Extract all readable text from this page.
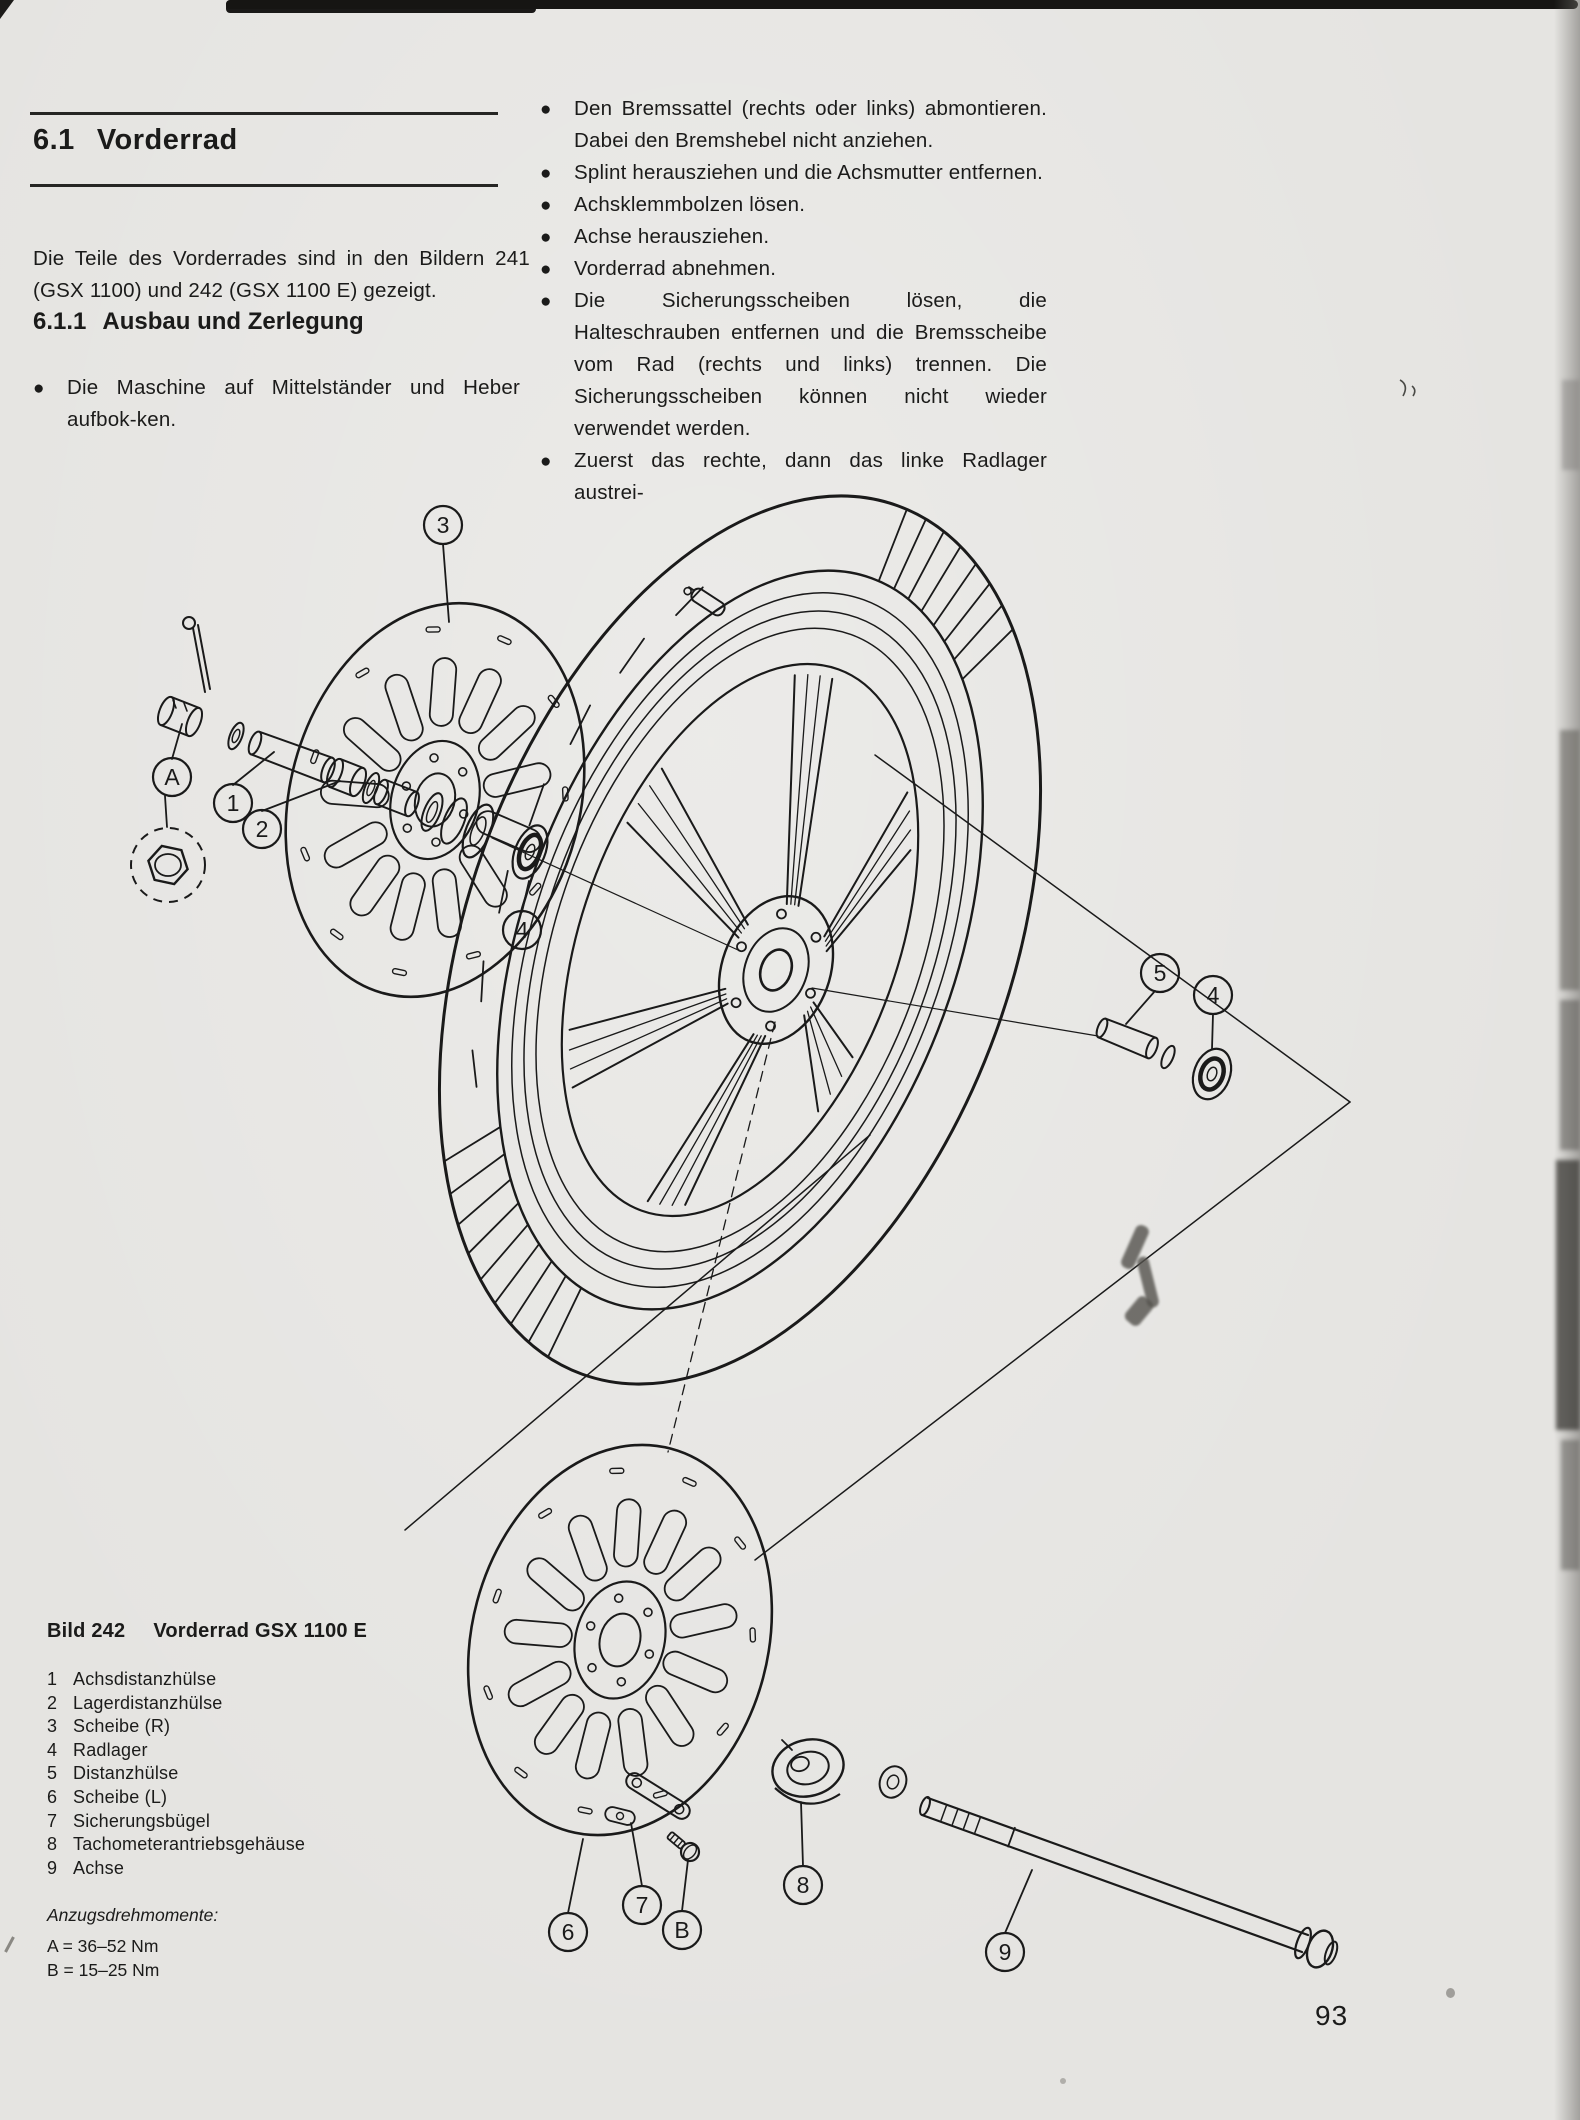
6.1 Vorderrad

Die Teile des Vorderrades sind in den Bildern 241 (GSX 1100) und 242 (GSX 1100 E) gezeigt.

6.1.1 Ausbau und Zerlegung
● Die Maschine auf Mittelständer und Heber aufbok-ken.
● Den Bremssattel (rechts oder links) abmontieren. Dabei den Bremshebel nicht anziehen.
● Splint herausziehen und die Achsmutter entfernen.
● Achsklemmbolzen lösen.
● Achse herausziehen.
● Vorderrad abnehmen.
● Die Sicherungsscheiben lösen, die Halteschrauben entfernen und die Bremsscheibe vom Rad (rechts und links) trennen. Die Sicherungsscheiben können nicht wieder verwendet werden.
● Zuerst das rechte, dann das linke Radlager austrei-
3
A
1
2
4
5
4
6
7
B
8
9
Bild 242 Vorderrad GSX 1100 E
1 Achsdistanzhülse
2 Lagerdistanzhülse
3 Scheibe (R)
4 Radlager
5 Distanzhülse
6 Scheibe (L)
7 Sicherungsbügel
8 Tachometerantriebsgehäuse
9 Achse
Anzugsdrehmomente:
A = 36–52 Nm
B = 15–25 Nm
93
